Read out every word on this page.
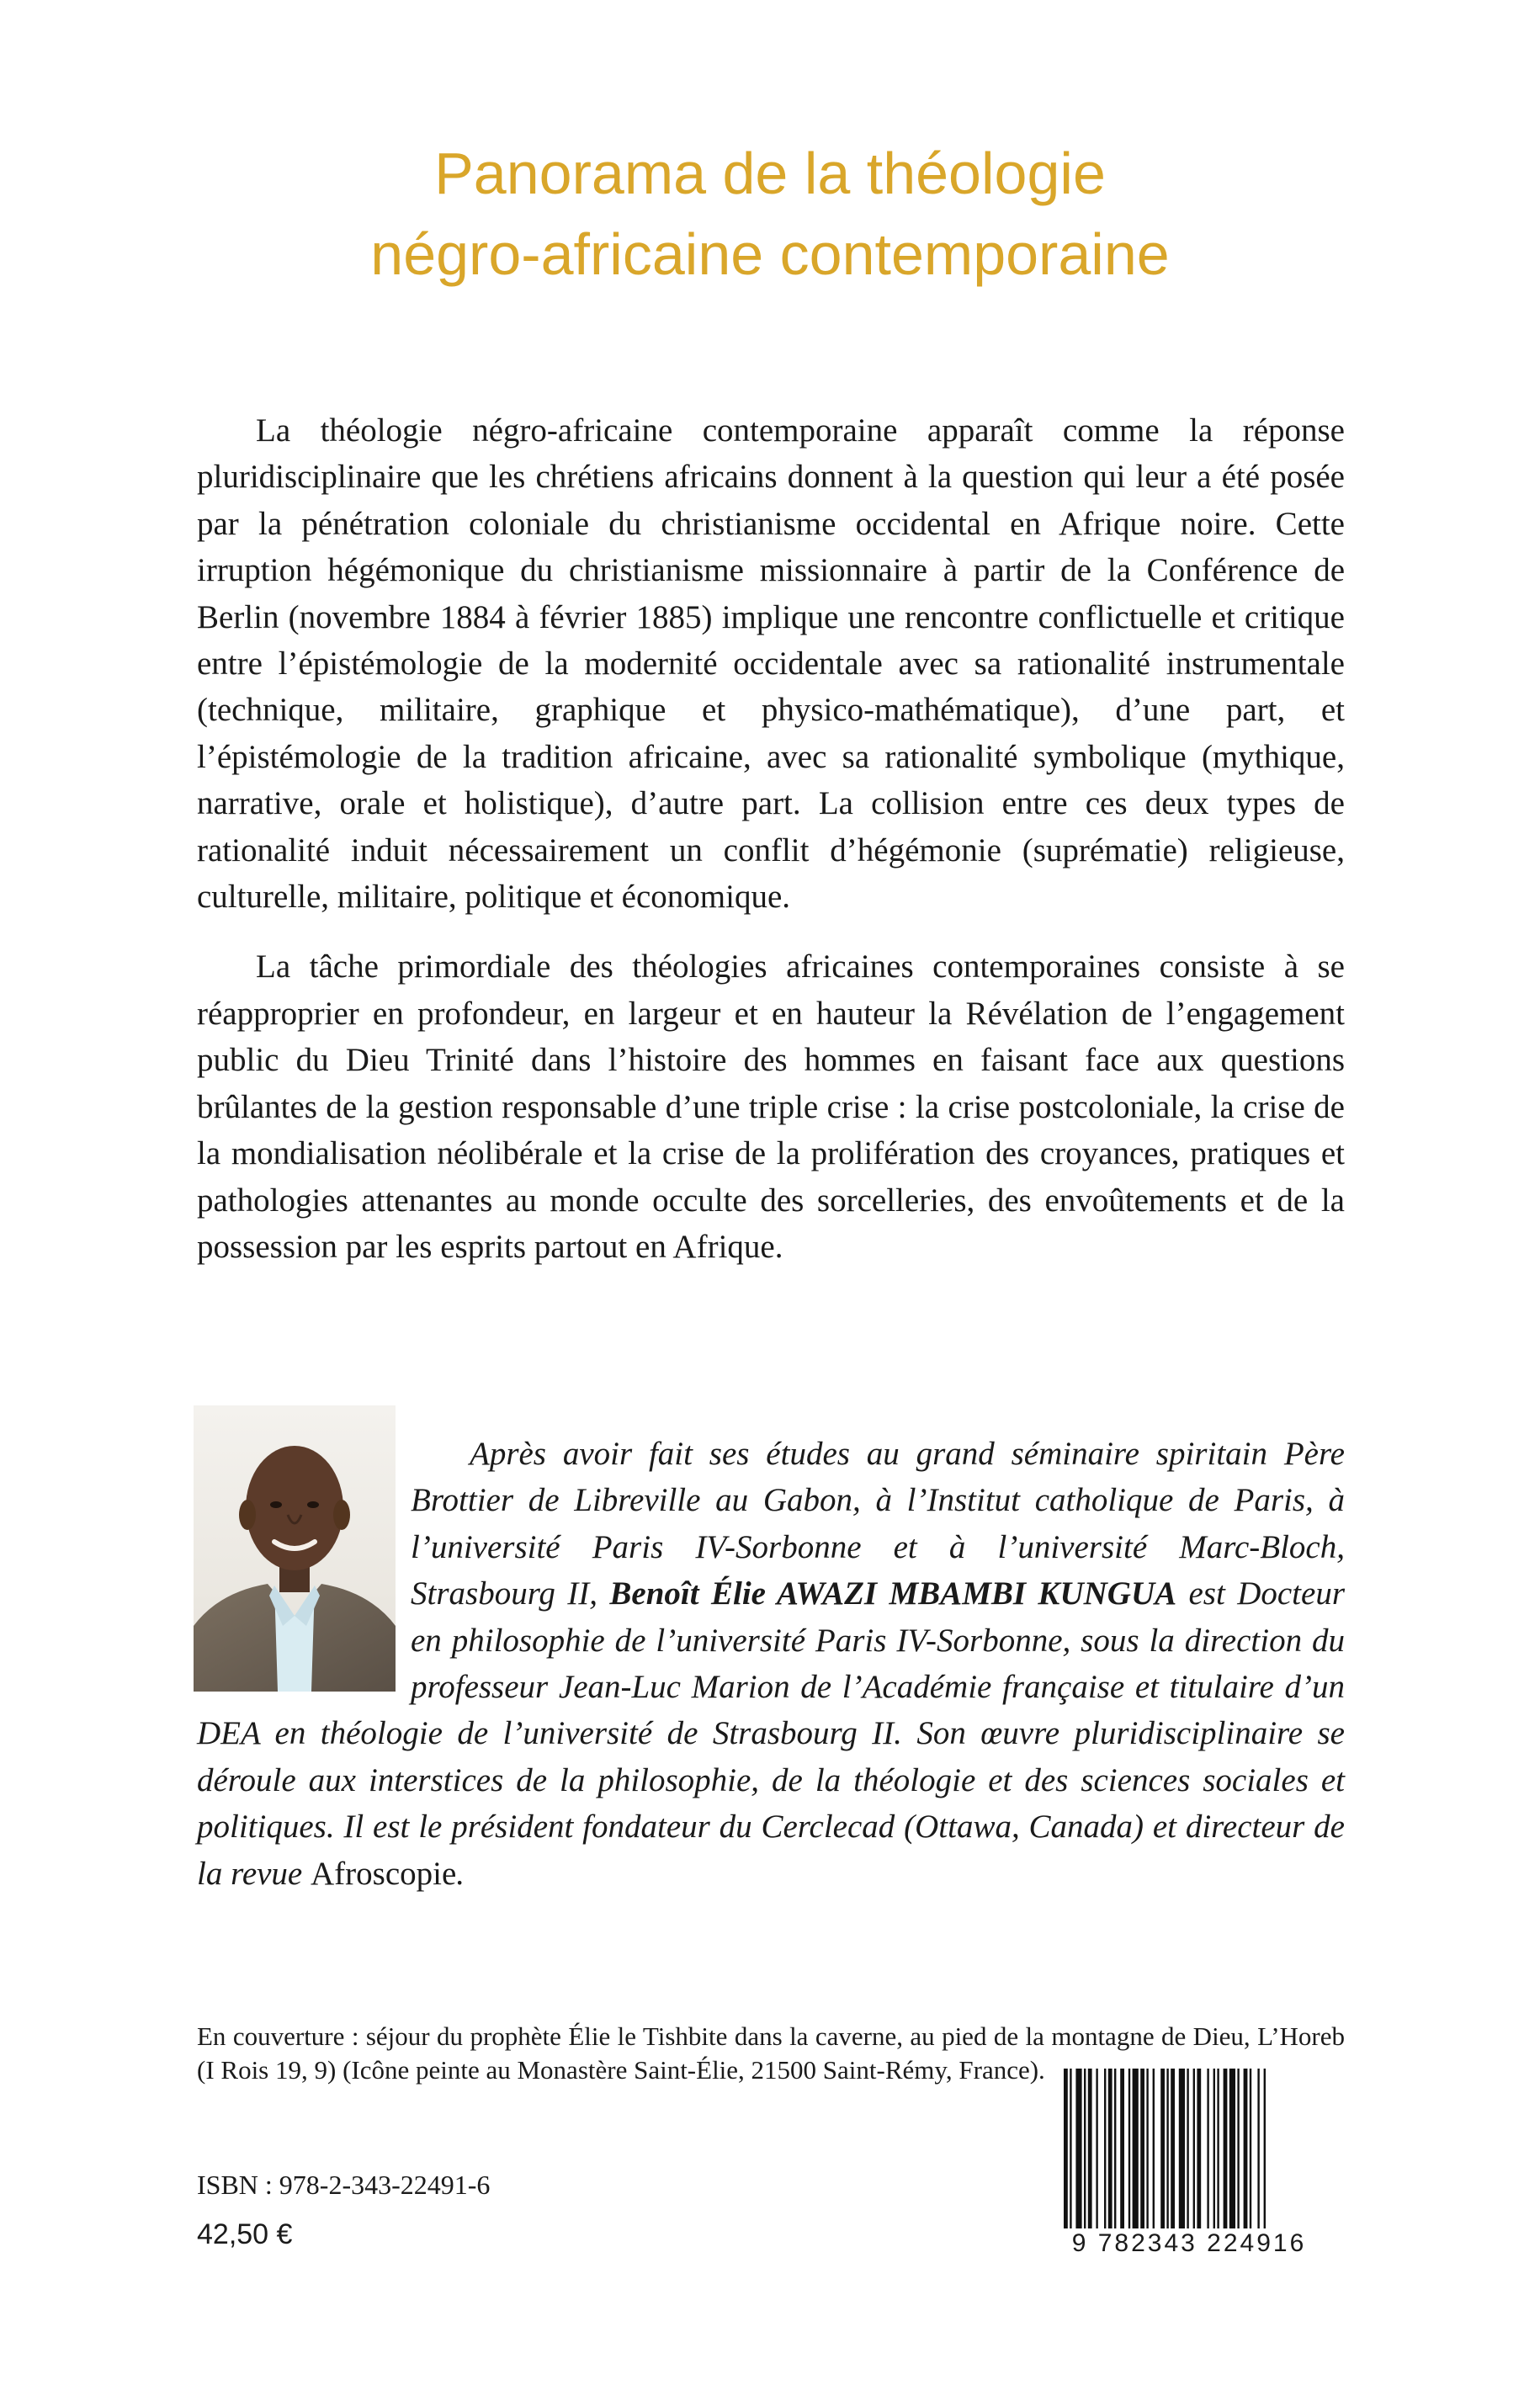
Panorama de la théologie
négro-africaine contemporaine

La théologie négro-africaine contemporaine apparaît comme la réponse pluridisciplinaire que les chrétiens africains donnent à la question qui leur a été posée par la pénétration coloniale du christianisme occidental en Afrique noire. Cette irruption hégémonique du christianisme missionnaire à partir de la Conférence de Berlin (novembre 1884 à février 1885) implique une rencontre conflictuelle et critique entre l’épistémologie de la modernité occidentale avec sa rationalité instrumentale (technique, militaire, graphique et physico-mathématique), d’une part, et l’épistémologie de la tradition africaine, avec sa rationalité symbolique (mythique, narrative, orale et holistique), d’autre part. La collision entre ces deux types de rationalité induit nécessairement un conflit d’hégémonie (suprématie) religieuse, culturelle, militaire, politique et économique.

La tâche primordiale des théologies africaines contemporaines consiste à se réapproprier en profondeur, en largeur et en hauteur la Révélation de l’engagement public du Dieu Trinité dans l’histoire des hommes en faisant face aux questions brûlantes de la gestion responsable d’une triple crise : la crise postcoloniale, la crise de la mondialisation néolibérale et la crise de la prolifération des croyances, pratiques et pathologies attenantes au monde occulte des sorcelleries, des envoûtements et de la possession par les esprits partout en Afrique.

Après avoir fait ses études au grand séminaire spiritain Père Brottier de Libreville au Gabon, à l’Institut catholique de Paris, à l’université Paris IV-Sorbonne et à l’université Marc-Bloch, Strasbourg II, Benoît Élie AWAZI MBAMBI KUNGUA est Docteur en philosophie de l’université Paris IV-Sorbonne, sous la direction du professeur Jean-Luc Marion de l’Académie française et titulaire d’un DEA en théologie de l’université de Strasbourg II. Son œuvre pluridisciplinaire se déroule aux interstices de la philosophie, de la théologie et des sciences sociales et politiques. Il est le président fondateur du Cerclecad (Ottawa, Canada) et directeur de la revue Afroscopie.

En couverture : séjour du prophète Élie le Tishbite dans la caverne, au pied de la montagne de Dieu, L’Horeb (I Rois 19, 9) (Icône peinte au Monastère Saint-Élie, 21500 Saint-Rémy, France).
ISBN : 978-2-343-22491-6
42,50 €	9 782343 224916
